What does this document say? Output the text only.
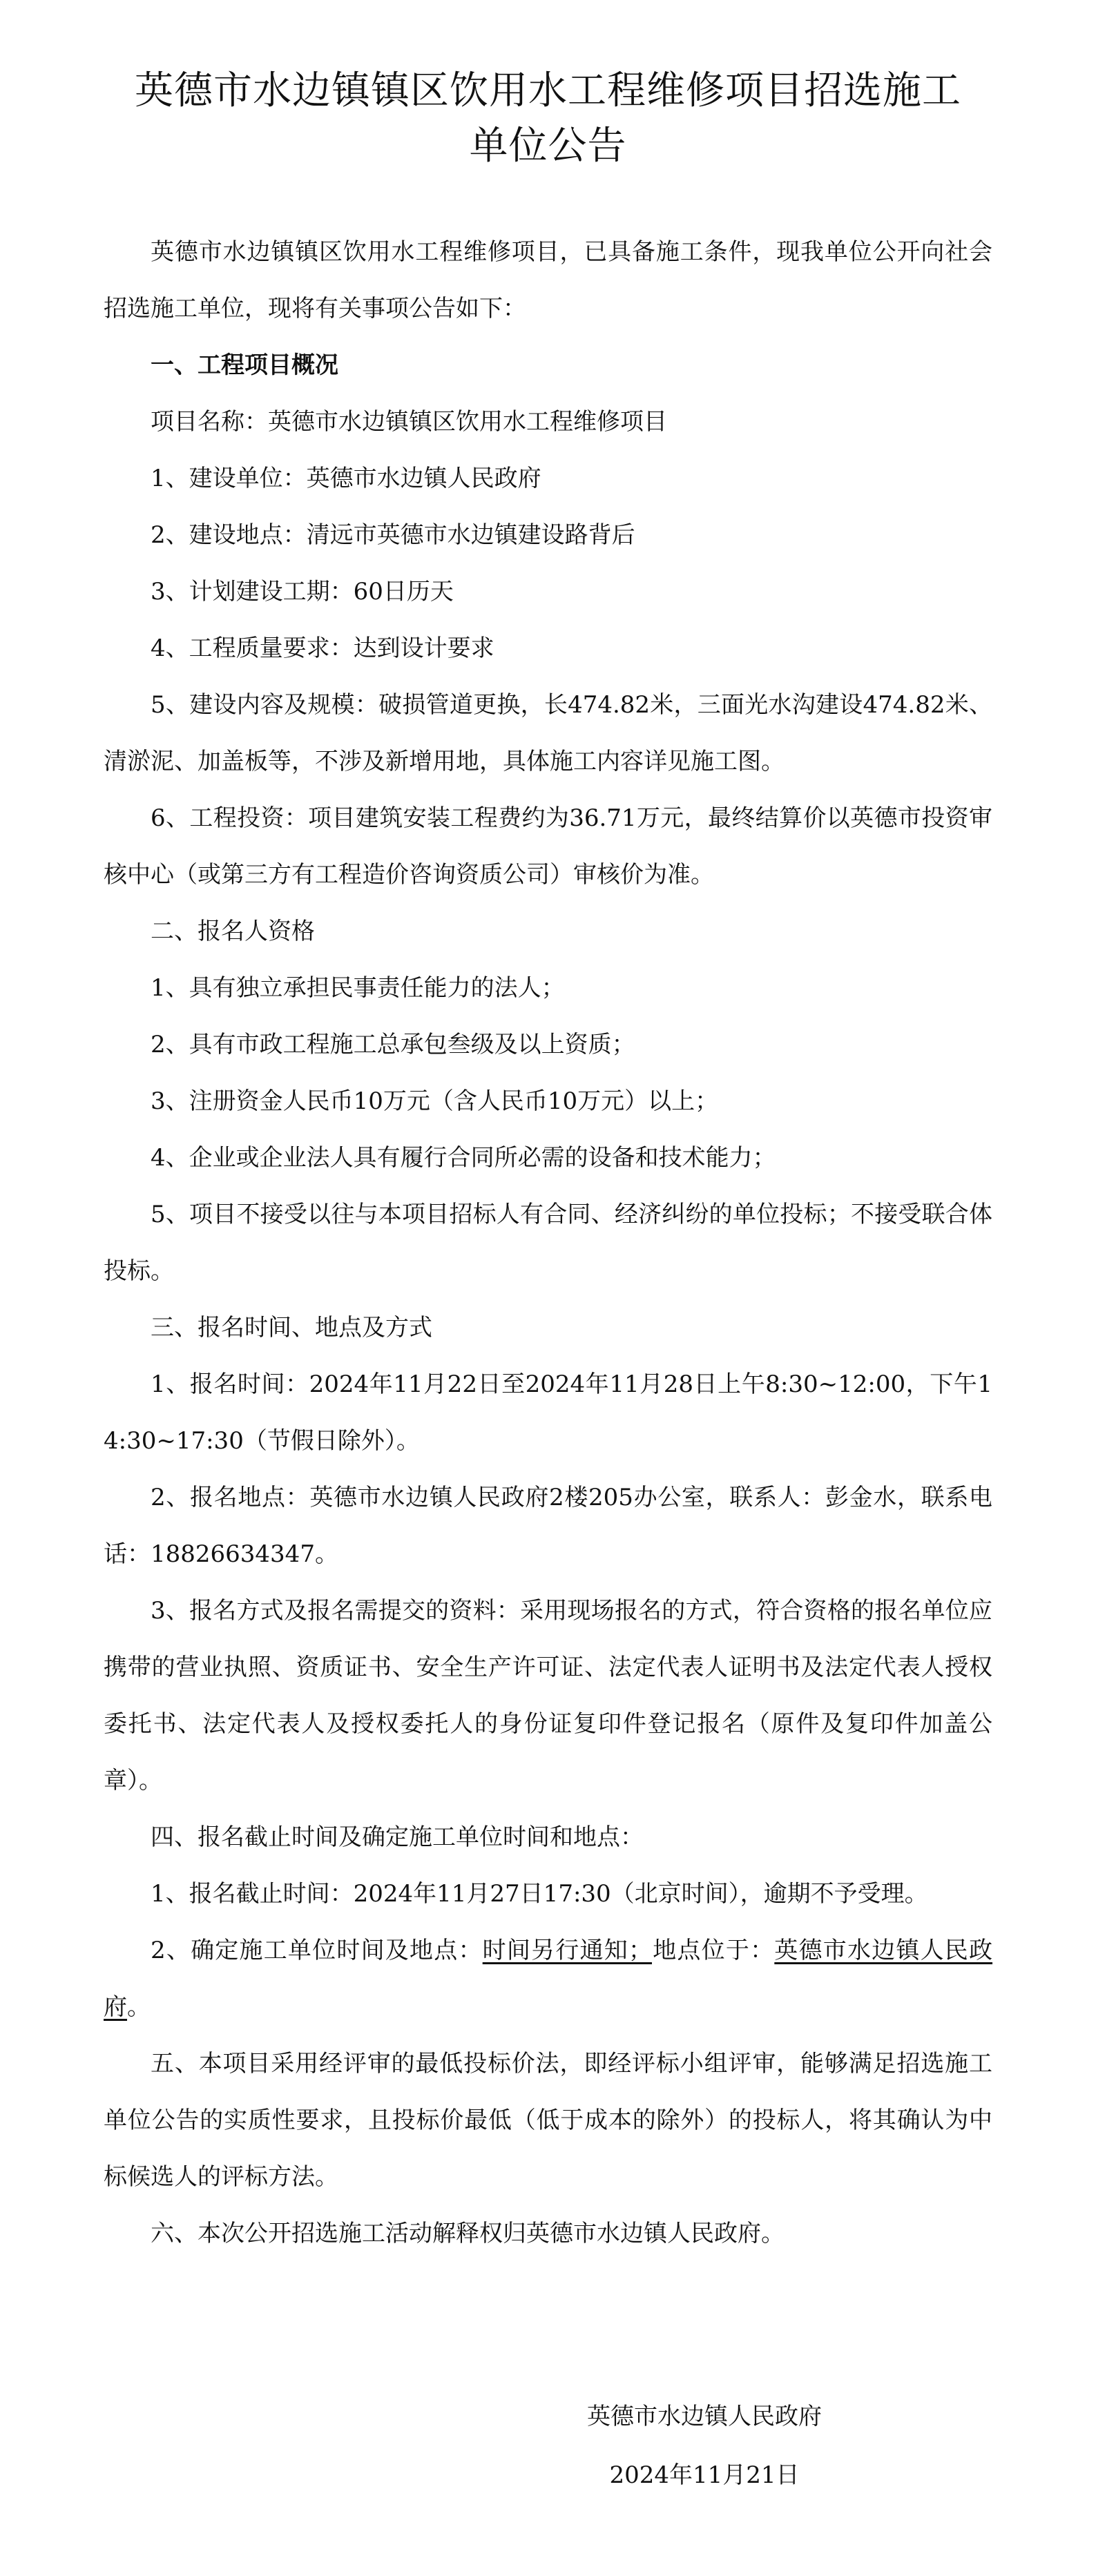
英德市水边镇镇区饮用水工程维修项目招选施工
单位公告

英德市水边镇镇区饮用水工程维修项目，已具备施工条件，现我单位公开向社会招选施工单位，现将有关事项公告如下：

一、工程项目概况

项目名称：英德市水边镇镇区饮用水工程维修项目

1、建设单位：英德市水边镇人民政府

2、建设地点：清远市英德市水边镇建设路背后

3、计划建设工期：60日历天

4、工程质量要求：达到设计要求

5、建设内容及规模：破损管道更换，长474.82米，三面光水沟建设474.82米、清淤泥、加盖板等，不涉及新增用地，具体施工内容详见施工图。

6、工程投资：项目建筑安装工程费约为36.71万元，最终结算价以英德市投资审核中心（或第三方有工程造价咨询资质公司）审核价为准。

二、报名人资格

1、具有独立承担民事责任能力的法人；

2、具有市政工程施工总承包叁级及以上资质；

3、注册资金人民币10万元（含人民币10万元）以上；

4、企业或企业法人具有履行合同所必需的设备和技术能力；

5、项目不接受以往与本项目招标人有合同、经济纠纷的单位投标；不接受联合体投标。

三、报名时间、地点及方式

1、报名时间：2024年11月22日至2024年11月28日上午8:30~12:00，下午14:30~17:30（节假日除外）。

2、报名地点：英德市水边镇人民政府2楼205办公室，联系人：彭金水，联系电话：18826634347。

3、报名方式及报名需提交的资料：采用现场报名的方式，符合资格的报名单位应携带的营业执照、资质证书、安全生产许可证、法定代表人证明书及法定代表人授权委托书、法定代表人及授权委托人的身份证复印件登记报名（原件及复印件加盖公章）。

四、报名截止时间及确定施工单位时间和地点：

1、报名截止时间：2024年11月27日17:30（北京时间），逾期不予受理。

2、确定施工单位时间及地点：时间另行通知；地点位于：英德市水边镇人民政府。

五、本项目采用经评审的最低投标价法，即经评标小组评审，能够满足招选施工单位公告的实质性要求，且投标价最低（低于成本的除外）的投标人，将其确认为中标候选人的评标方法。

六、本次公开招选施工活动解释权归英德市水边镇人民政府。

英德市水边镇人民政府
2024年11月21日
